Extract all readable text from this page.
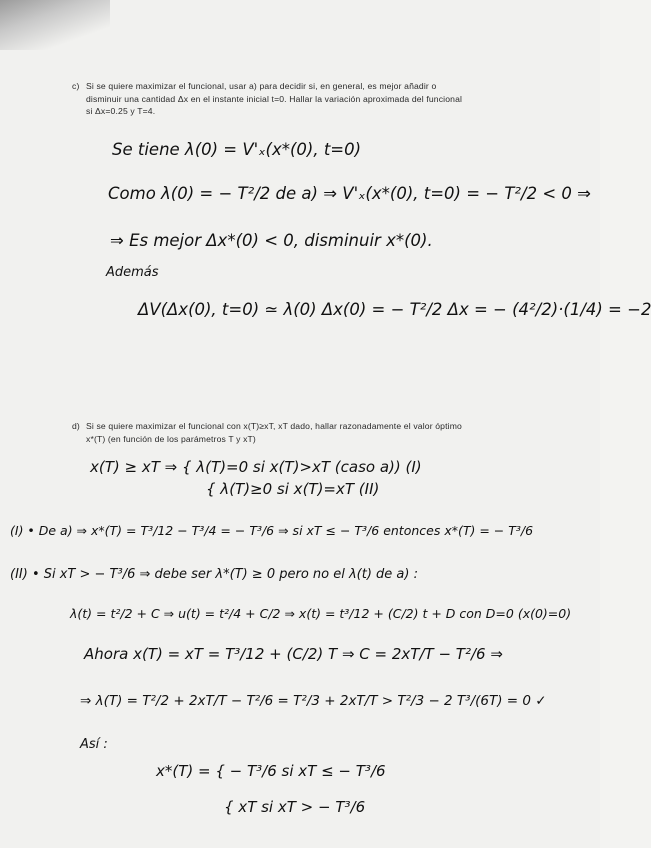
c) Si se quiere maximizar el funcional, usar a) para decidir si, en general, es mejor añadir o

disminuir una cantidad Δx en el instante inicial t=0. Hallar la variación aproximada del funcional

si Δx=0.25 y T=4.

Se tiene λ(0) = V'ₓ(x*(0), t=0)
Como λ(0) = − T²/2 de a) ⇒ V'ₓ(x*(0), t=0) = − T²/2 < 0 ⇒
⇒ Es mejor Δx*(0) < 0, disminuir x*(0).
Además
ΔV(Δx(0), t=0) ≃ λ(0) Δx(0) = − T²/2 Δx = − (4²/2)·(1/4) = −2
d) Si se quiere maximizar el funcional con x(T)≥xT, xT dado, hallar razonadamente el valor óptimo

x*(T) (en función de los parámetros T y xT)

x(T) ≥ xT ⇒ { λ(T)=0 si x(T)>xT (caso a)) (I)
{ λ(T)≥0 si x(T)=xT (II)
(I) • De a) ⇒ x*(T) = T³/12 − T³/4 = − T³/6 ⇒ si xT ≤ − T³/6 entonces x*(T) = − T³/6
(II) • Si xT > − T³/6 ⇒ debe ser λ*(T) ≥ 0 pero no el λ(t) de a) :
λ(t) = t²/2 + C ⇒ u(t) = t²/4 + C/2 ⇒ x(t) = t³/12 + (C/2) t + D con D=0 (x(0)=0)
Ahora x(T) = xT = T³/12 + (C/2) T ⇒ C = 2xT/T − T²/6 ⇒
⇒ λ(T) = T²/2 + 2xT/T − T²/6 = T²/3 + 2xT/T > T²/3 − 2 T³/(6T) = 0 ✓
Así :
x*(T) = { − T³/6 si xT ≤ − T³/6
{ xT si xT > − T³/6
